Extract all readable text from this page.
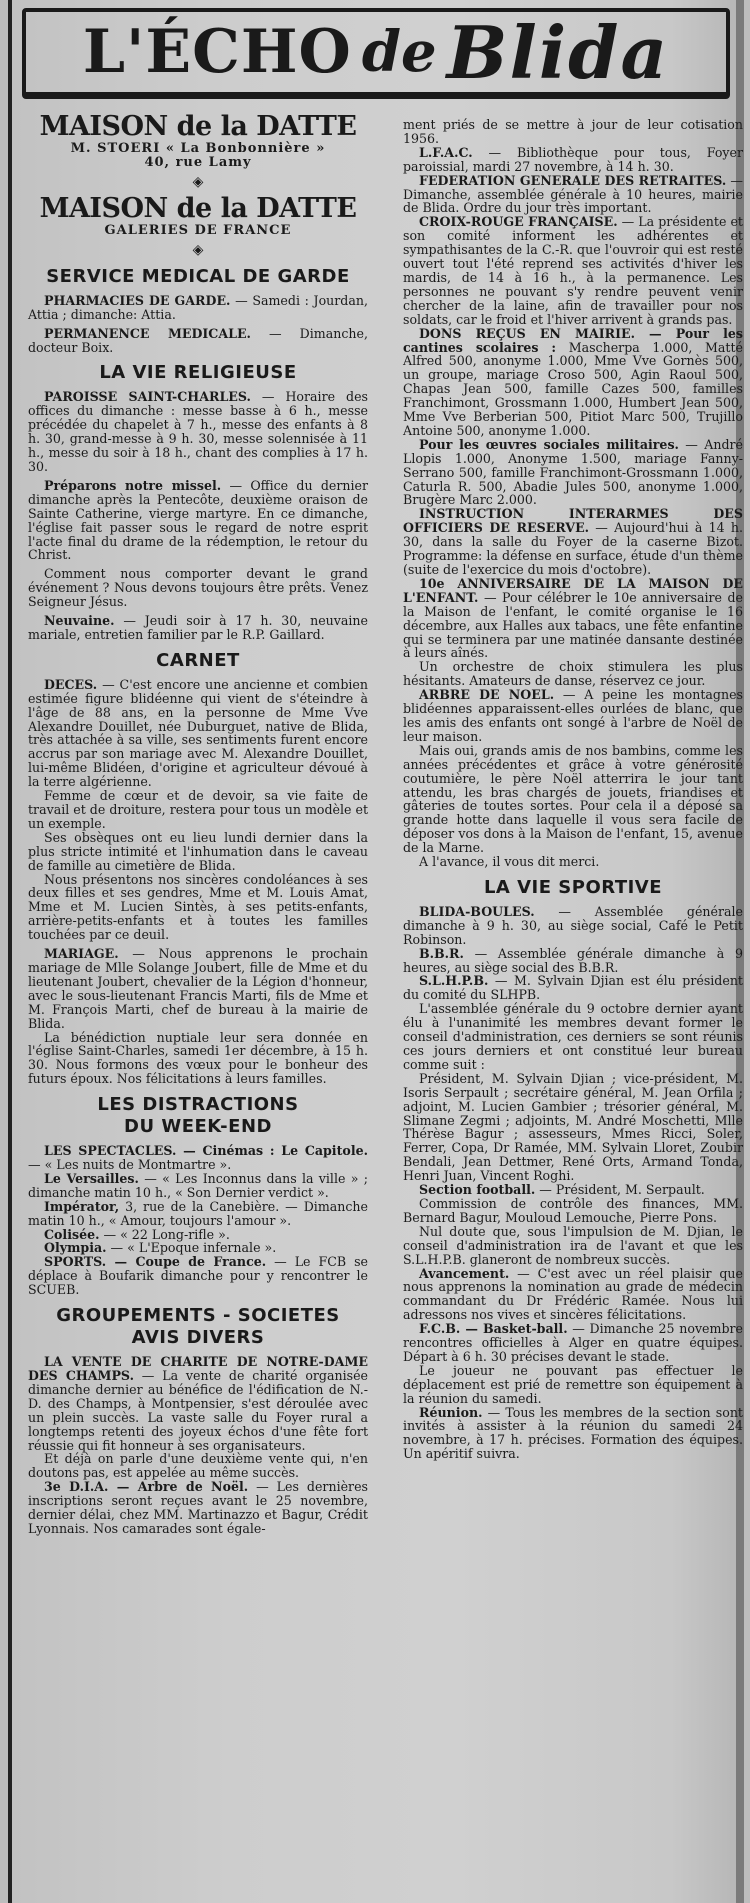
L'ÉCHO de Blida
MAISON de la DATTE
M. STOERI « La Bonbonnière »
40, rue Lamy
◈
MAISON de la DATTE
GALERIES DE FRANCE
◈
SERVICE MEDICAL DE GARDE

PHARMACIES DE GARDE. — Samedi : Jourdan, Attia ; dimanche: Attia.

PERMANENCE MEDICALE. — Dimanche, docteur Boix.

LA VIE RELIGIEUSE

PAROISSE SAINT-CHARLES. — Horaire des offices du dimanche : messe basse à 6 h., messe précédée du chapelet à 7 h., messe des enfants à 8 h. 30, grand-messe à 9 h. 30, messe solennisée à 11 h., messe du soir à 18 h., chant des complies à 17 h. 30.

Préparons notre missel. — Office du dernier dimanche après la Pentecôte, deuxième oraison de Sainte Catherine, vierge martyre. En ce dimanche, l'église fait passer sous le regard de notre esprit l'acte final du drame de la rédemption, le retour du Christ.

Comment nous comporter devant le grand événement ? Nous devons toujours être prêts. Venez Seigneur Jésus.

Neuvaine. — Jeudi soir à 17 h. 30, neuvaine mariale, entretien familier par le R.P. Gaillard.

CARNET

DECES. — C'est encore une ancienne et combien estimée figure blidéenne qui vient de s'éteindre à l'âge de 88 ans, en la personne de Mme Vve Alexandre Douillet, née Duburguet, native de Blida, très attachée à sa ville, ses sentiments furent encore accrus par son mariage avec M. Alexandre Douillet, lui-même Blidéen, d'origine et agriculteur dévoué à la terre algérienne.

Femme de cœur et de devoir, sa vie faite de travail et de droiture, restera pour tous un modèle et un exemple.

Ses obsèques ont eu lieu lundi dernier dans la plus stricte intimité et l'inhumation dans le caveau de famille au cimetière de Blida.

Nous présentons nos sincères condoléances à ses deux filles et ses gendres, Mme et M. Louis Amat, Mme et M. Lucien Sintès, à ses petits-enfants, arrière-petits-enfants et à toutes les familles touchées par ce deuil.

MARIAGE. — Nous apprenons le prochain mariage de Mlle Solange Joubert, fille de Mme et du lieutenant Joubert, chevalier de la Légion d'honneur, avec le sous-lieutenant Francis Marti, fils de Mme et M. François Marti, chef de bureau à la mairie de Blida.

La bénédiction nuptiale leur sera donnée en l'église Saint-Charles, samedi 1er décembre, à 15 h. 30. Nous formons des vœux pour le bonheur des futurs époux. Nos félicitations à leurs familles.

LES DISTRACTIONS
DU WEEK-END

LES SPECTACLES. — Cinémas : Le Capitole. — « Les nuits de Montmartre ».

Le Versailles. — « Les Inconnus dans la ville » ; dimanche matin 10 h., « Son Dernier verdict ».

Impérator, 3, rue de la Canebière. — Dimanche matin 10 h., « Amour, toujours l'amour ».

Colisée. — « 22 Long-rifle ».

Olympia. — « L'Epoque infernale ».

SPORTS. — Coupe de France. — Le FCB se déplace à Boufarik dimanche pour y rencontrer le SCUEB.

GROUPEMENTS - SOCIETES
AVIS DIVERS

LA VENTE DE CHARITE DE NOTRE-DAME DES CHAMPS. — La vente de charité organisée dimanche dernier au bénéfice de l'édification de N.-D. des Champs, à Montpensier, s'est déroulée avec un plein succès. La vaste salle du Foyer rural a longtemps retenti des joyeux échos d'une fête fort réussie qui fit honneur à ses organisateurs.

Et déjà on parle d'une deuxième vente qui, n'en doutons pas, est appelée au même succès.

3e D.I.A. — Arbre de Noël. — Les dernières inscriptions seront reçues avant le 25 novembre, dernier délai, chez MM. Martinazzo et Bagur, Crédit Lyonnais. Nos camarades sont égale-

ment priés de se mettre à jour de leur cotisation 1956.

L.F.A.C. — Bibliothèque pour tous, Foyer paroissial, mardi 27 novembre, à 14 h. 30.

FEDERATION GENERALE DES RETRAITES. — Dimanche, assemblée générale à 10 heures, mairie de Blida. Ordre du jour très important.

CROIX-ROUGE FRANÇAISE. — La présidente et son comité informent les adhérentes et sympathisantes de la C.-R. que l'ouvroir qui est resté ouvert tout l'été reprend ses activités d'hiver les mardis, de 14 à 16 h., à la permanence. Les personnes ne pouvant s'y rendre peuvent venir chercher de la laine, afin de travailler pour nos soldats, car le froid et l'hiver arrivent à grands pas.

DONS REÇUS EN MAIRIE. — Pour les cantines scolaires : Mascherpa 1.000, Matté Alfred 500, anonyme 1.000, Mme Vve Gornès 500, un groupe, mariage Croso 500, Agin Raoul 500, Chapas Jean 500, famille Cazes 500, familles Franchimont, Grossmann 1.000, Humbert Jean 500, Mme Vve Berberian 500, Pitiot Marc 500, Trujillo Antoine 500, anonyme 1.000.

Pour les œuvres sociales militaires. — André Llopis 1.000, Anonyme 1.500, mariage Fanny-Serrano 500, famille Franchimont-Grossmann 1.000, Caturla R. 500, Abadie Jules 500, anonyme 1.000, Brugère Marc 2.000.

INSTRUCTION INTERARMES DES OFFICIERS DE RESERVE. — Aujourd'hui à 14 h. 30, dans la salle du Foyer de la caserne Bizot. Programme: la défense en surface, étude d'un thème (suite de l'exercice du mois d'octobre).

10e ANNIVERSAIRE DE LA MAISON DE L'ENFANT. — Pour célébrer le 10e anniversaire de la Maison de l'enfant, le comité organise le 16 décembre, aux Halles aux tabacs, une fête enfantine qui se terminera par une matinée dansante destinée à leurs aînés.

Un orchestre de choix stimulera les plus hésitants. Amateurs de danse, réservez ce jour.

ARBRE DE NOEL. — A peine les montagnes blidéennes apparaissent-elles ourlées de blanc, que les amis des enfants ont songé à l'arbre de Noël de leur maison.

Mais oui, grands amis de nos bambins, comme les années précédentes et grâce à votre générosité coutumière, le père Noël atterrira le jour tant attendu, les bras chargés de jouets, friandises et gâteries de toutes sortes. Pour cela il a déposé sa grande hotte dans laquelle il vous sera facile de déposer vos dons à la Maison de l'enfant, 15, avenue de la Marne.

A l'avance, il vous dit merci.

LA VIE SPORTIVE

BLIDA-BOULES. — Assemblée générale dimanche à 9 h. 30, au siège social, Café le Petit Robinson.

B.B.R. — Assemblée générale dimanche à 9 heures, au siège social des B.B.R.

S.L.H.P.B. — M. Sylvain Djian est élu président du comité du SLHPB.

L'assemblée générale du 9 octobre dernier ayant élu à l'unanimité les membres devant former le conseil d'administration, ces derniers se sont réunis ces jours derniers et ont constitué leur bureau comme suit :

Président, M. Sylvain Djian ; vice-président, M. Isoris Serpault ; secrétaire général, M. Jean Orfila ; adjoint, M. Lucien Gambier ; trésorier général, M. Slimane Zegmi ; adjoints, M. André Moschetti, Mlle Thérèse Bagur ; assesseurs, Mmes Ricci, Soler, Ferrer, Copa, Dr Ramée, MM. Sylvain Lloret, Zoubir Bendali, Jean Dettmer, René Orts, Armand Tonda, Henri Juan, Vincent Roghi.

Section football. — Président, M. Serpault.

Commission de contrôle des finances, MM. Bernard Bagur, Mouloud Lemouche, Pierre Pons.

Nul doute que, sous l'impulsion de M. Djian, le conseil d'administration ira de l'avant et que les S.L.H.P.B. glaneront de nombreux succès.

Avancement. — C'est avec un réel plaisir que nous apprenons la nomination au grade de médecin commandant du Dr Frédéric Ramée. Nous lui adressons nos vives et sincères félicitations.

F.C.B. — Basket-ball. — Dimanche 25 novembre rencontres officielles à Alger en quatre équipes. Départ à 6 h. 30 précises devant le stade.

Le joueur ne pouvant pas effectuer le déplacement est prié de remettre son équipement à la réunion du samedi.

Réunion. — Tous les membres de la section sont invités à assister à la réunion du samedi 24 novembre, à 17 h. précises. Formation des équipes. Un apéritif suivra.
